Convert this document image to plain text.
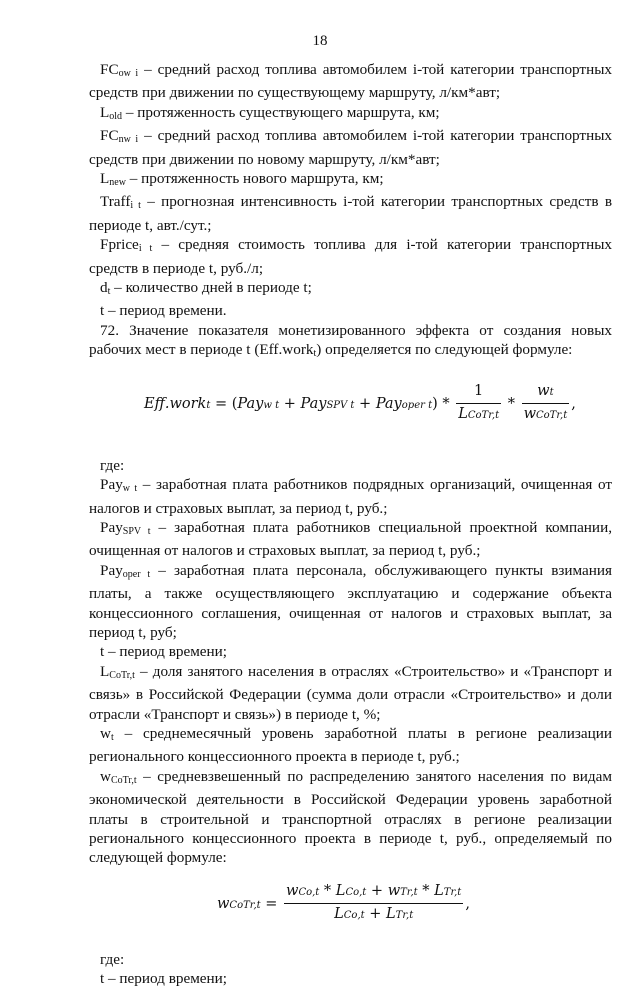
18

$FC_{ow i}$ – средний расход топлива автомобилем i-той категории транспортных средств при движении по существующему маршруту, л/км*авт;

$L_{old}$ – протяженность существующего маршрута, км;

$FC_{nw i}$ – средний расход топлива автомобилем i-той категории транспортных средств при движении по новому маршруту, л/км*авт;

$L_{new}$ – протяженность нового маршрута, км;

Traff$_{i t}$ – прогнозная интенсивность i-той категории транспортных средств в периоде t, авт./сут.;

Fprice$_{i t}$ – средняя стоимость топлива для i-той категории транспортных средств в периоде t, руб./л;

$d_t$ – количество дней в периоде t;

t – период времени.

72. Значение показателя монетизированного эффекта от создания новых рабочих мест в периоде t (Eff.work$_t$) определяется по следующей формуле:

Eff.workt = (Payw t + PaySPV t + Payoper $t) * \frac{1}{\text{LCoTr,t}} * \frac{wt}{\text{wCoTr,t}}$ ,

где:

Pay$_{w t}$ – заработная плата работников подрядных организаций, очищенная от налогов и страховых выплат, за период t, руб.;

Pay$_{SPV t}$ – заработная плата работников специальной проектной компании, очищенная от налогов и страховых выплат, за период t, руб.;

Pay$_{oper t}$ – заработная плата персонала, обслуживающего пункты взимания платы, а также осуществляющего эксплуатацию и содержание объекта концессионного соглашения, очищенная от налогов и страховых выплат, за период t, руб;

t – период времени;

$L_{CoTr,t}$ – доля занятого населения в отраслях «Строительство» и «Транспорт и связь» в Российской Федерации (сумма доли отрасли «Строительство» и доли отрасли «Транспорт и связь») в периоде t, %;

$w_t$ – среднемесячный уровень заработной платы в регионе реализации регионального концессионного проекта в периоде t, руб.;

$w_{CoTr,t}$ – средневзвешенный по распределению занятого населения по видам экономической деятельности в Российской Федерации уровень заработной платы в строительной и транспортной отраслях в регионе реализации регионального концессионного проекта в периоде t, руб., определяемый по следующей формуле:

wCoTr,t = $\frac{\text{wCo,t * LCo,t + wTr,t * LTr,t}}{\text{LCo,t + LTr,t}}$ ,

где:

t – период времени;
